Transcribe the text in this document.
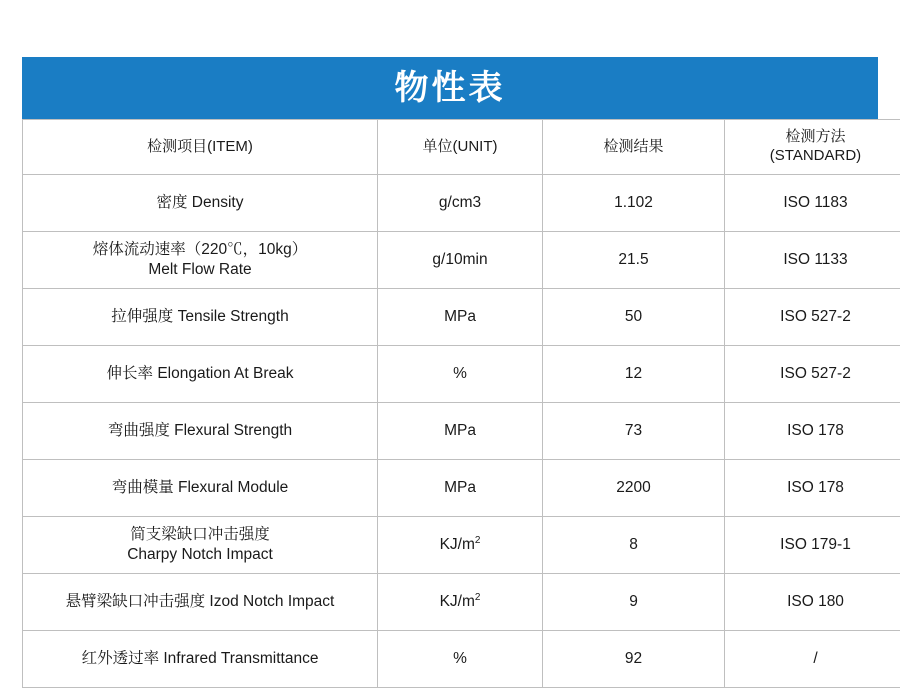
物性表
检测项目(ITEM)	单位(UNIT)	检测结果	检测方法
(STANDARD)

密度 Density	g/cm3	1.102	ISO 1183

熔体流动速率（220℃，10kg）
Melt Flow Rate	g/10min	21.5	ISO 1133

拉伸强度 Tensile Strength	MPa	50	ISO 527-2

伸长率 Elongation At Break	%	12	ISO 527-2

弯曲强度 Flexural Strength	MPa	73	ISO 178

弯曲模量 Flexural Module	MPa	2200	ISO 178

简支梁缺口冲击强度
Charpy Notch Impact	$KJ/m^2$	8	ISO 179-1

悬臂梁缺口冲击强度 Izod Notch Impact	$KJ/m^2$	9	ISO 180

红外透过率 Infrared Transmittance	%	92	/
